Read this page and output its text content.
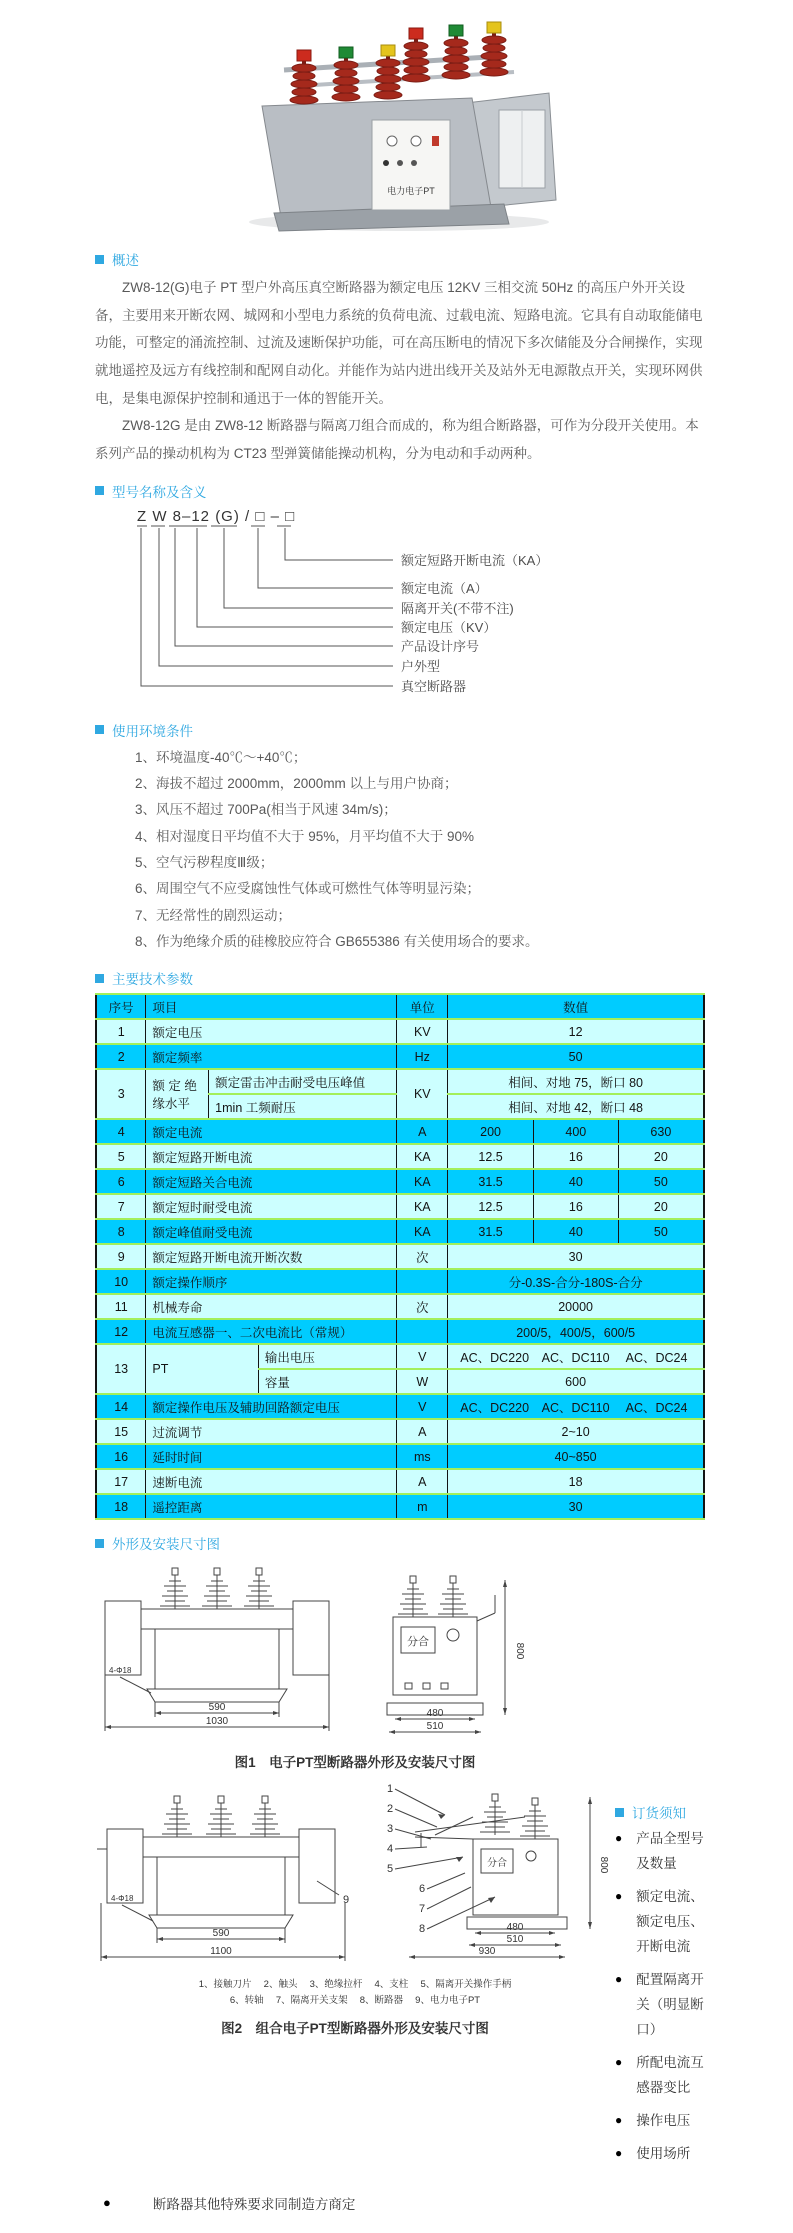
电力电子PT
概述

ZW8-12(G)电子 PT 型户外高压真空断路器为额定电压 12KV 三相交流 50Hz 的高压户外开关设备，主要用来开断农网、城网和小型电力系统的负荷电流、过载电流、短路电流。它具有自动取能储电功能，可整定的涌流控制、过流及速断保护功能，可在高压断电的情况下多次储能及分合闸操作，实现就地遥控及远方有线控制和配网自动化。并能作为站内进出线开关及站外无电源散点开关，实现环网供电，是集电源保护控制和通迅于一体的智能开关。

ZW8-12G 是由 ZW8-12 断路器与隔离刀组合而成的，称为组合断路器，可作为分段开关使用。本系列产品的操动机构为 CT23 型弹簧储能操动机构，分为电动和手动两种。

型号名称及含义
Z W 8–12 (G) / □ – □
额定短路开断电流（KA）
额定电流（A）
隔离开关(不带不注)
额定电压（KV）
产品设计序号
户外型
真空断路器
使用环境条件
1、环境温度-40℃～+40℃；
2、海拔不超过 2000mm，2000mm 以上与用户协商；
3、风压不超过 700Pa(相当于风速 34m/s)；
4、相对湿度日平均值不大于 95%，月平均值不大于 90%
5、空气污秽程度Ⅲ级；
6、周围空气不应受腐蚀性气体或可燃性气体等明显污染；
7、无经常性的剧烈运动；
8、作为绝缘介质的硅橡胶应符合 GB655386 有关使用场合的要求。
主要技术参数
序号	项目			单位	数值		
1	额定电压			KV	12		
2	额定频率			Hz	50		
3	额 定 绝缘水平	额定雷击冲击耐受电压峰值		KV	相间、对地 75，断口 80		
		1min 工频耐压			相间、对地 42，断口 48		
4	额定电流			A	200	400	630
5	额定短路开断电流			KA	12.5	16	20
6	额定短路关合电流			KA	31.5	40	50
7	额定短时耐受电流			KA	12.5	16	20
8	额定峰值耐受电流			KA	31.5	40	50
9	额定短路开断电流开断次数			次	30		
10	额定操作顺序				分-0.3S-合分-180S-合分		
11	机械寿命			次	20000		
12	电流互感器一、二次电流比（常规）				200/5，400/5，600/5		
13	PT		输出电压	V	AC、DC220 AC、DC110 AC、DC24		

			容量	W	600		
14	额定操作电压及辅助回路额定电压			V	AC、DC220 AC、DC110 AC、DC24		

15	过流调节			A	2~10		
16	延时时间			ms	40~850		
17	速断电流			A	18		
18	遥控距离			m	30		
外形及安装尺寸图
590
1030
4-Φ18
分合
800
480
510
图1　电子PT型断路器外形及安装尺寸图
590
1100
4-Φ18	9
1
2
3
4
5
6
7
8
分合	800
480
510
930
1、接触刀片　 2、触头　 3、绝缘拉杆　 4、支柱　 5、隔离开关操作手柄
6、转轴　 7、隔离开关支架　 8、断路器　 9、电力电子PT
图2　组合电子PT型断路器外形及安装尺寸图
订货须知
● 产品全型号及数量
● 额定电流、额定电压、开断电流
● 配置隔离开关（明显断口）
● 所配电流互感器变比
● 操作电压
● 使用场所
●	断路器其他特殊要求同制造方商定
